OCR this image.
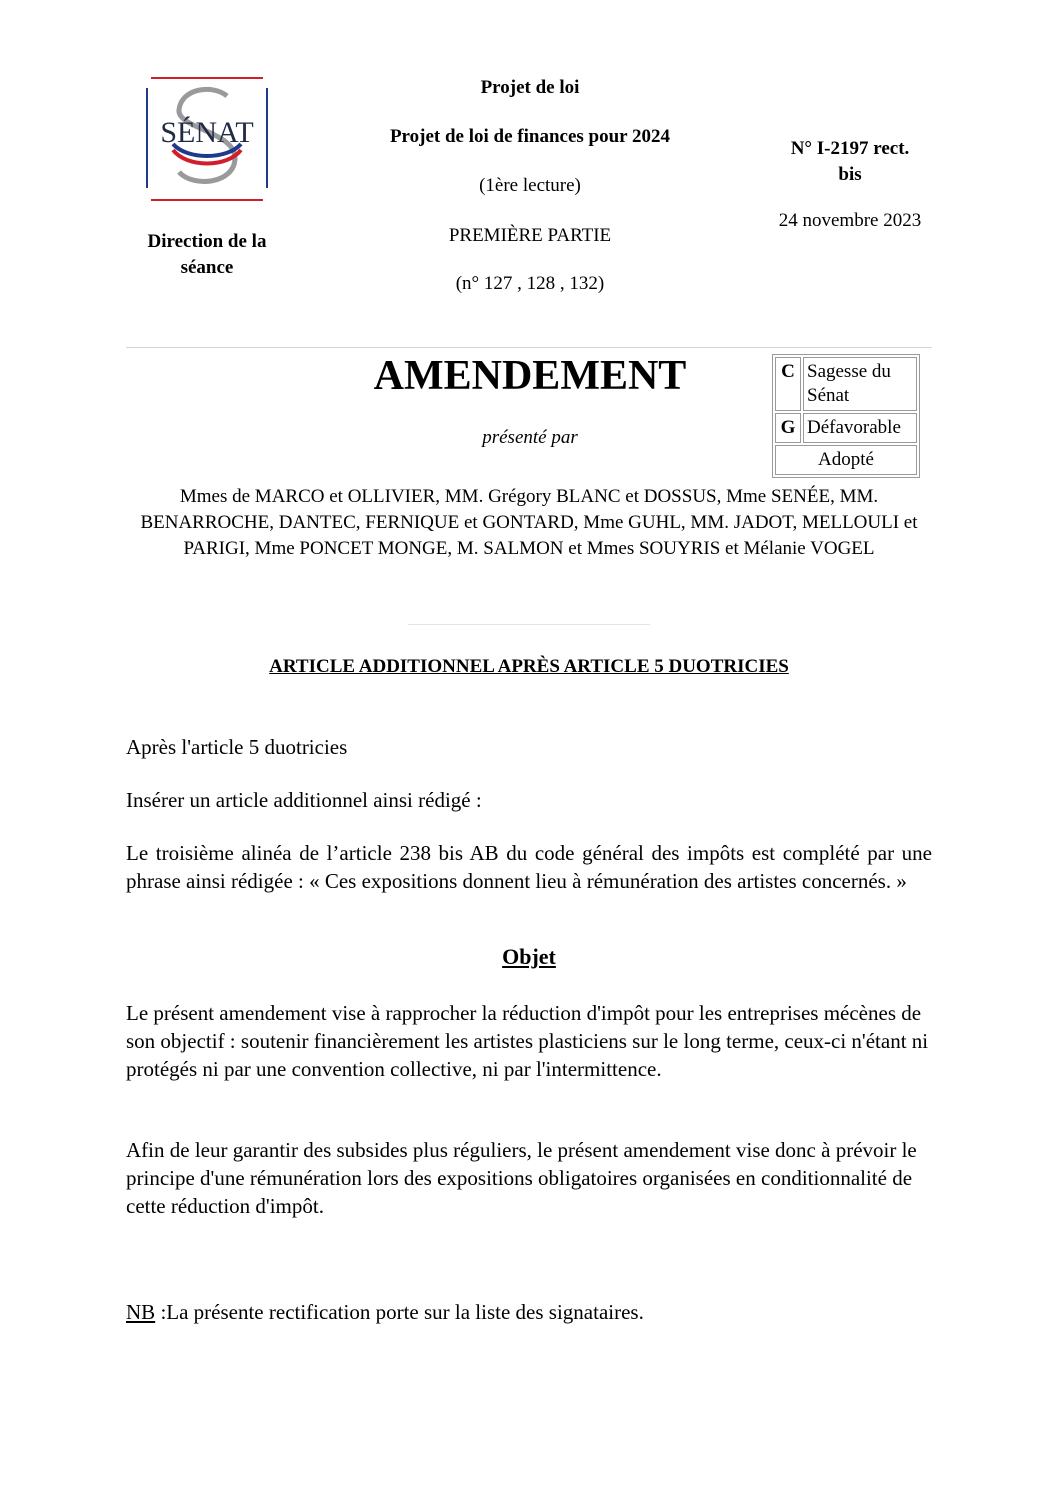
SÉNAT
Direction de la séance
Projet de loi
Projet de loi de finances pour 2024
(1ère lecture)
PREMIÈRE PARTIE
(n° 127 , 128 , 132)
N° I-2197 rect.
bis
24 novembre 2023
AMENDEMENT
présenté par
C	Sagesse du Sénat
G	Défavorable
Adopté	
Mmes de MARCO et OLLIVIER, MM. Grégory BLANC et DOSSUS, Mme SENÉE, MM. BENARROCHE, DANTEC, FERNIQUE et GONTARD, Mme GUHL, MM. JADOT, MELLOULI et PARIGI, Mme PONCET MONGE, M. SALMON et Mmes SOUYRIS et Mélanie VOGEL
ARTICLE ADDITIONNEL APRÈS ARTICLE 5 DUOTRICIES
Après l'article 5 duotricies
Insérer un article additionnel ainsi rédigé :
Le troisième alinéa de l’article 238 bis AB du code général des impôts est complété par une phrase ainsi rédigée : « Ces expositions donnent lieu à rémunération des artistes concernés. »
Objet
Le présent amendement vise à rapprocher la réduction d'impôt pour les entreprises mécènes de son objectif : soutenir financièrement les artistes plasticiens sur le long terme, ceux-ci n'étant ni protégés ni par une convention collective, ni par l'intermittence.
Afin de leur garantir des subsides plus réguliers, le présent amendement vise donc à prévoir le principe d'une rémunération lors des expositions obligatoires organisées en conditionnalité de cette réduction d'impôt.
NB :La présente rectification porte sur la liste des signataires.
